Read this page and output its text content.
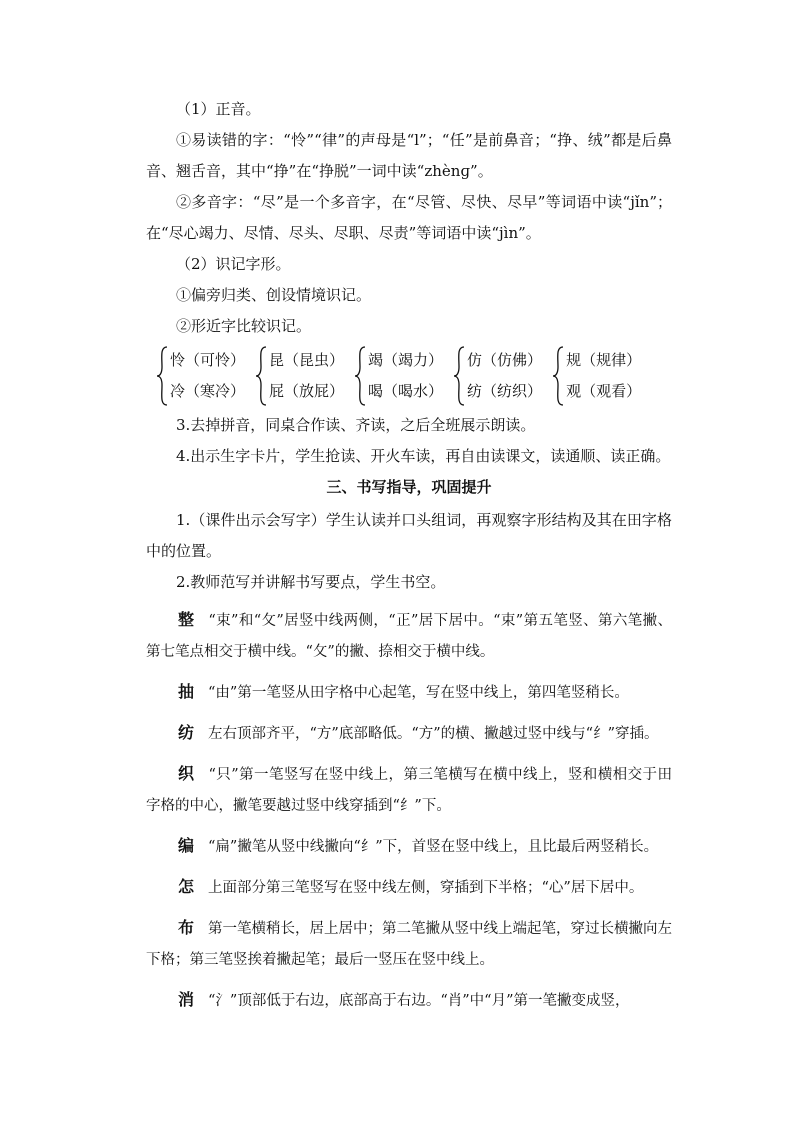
（1）正音。

①易读错的字：“怜”“律”的声母是“l”；“任”是前鼻音；“挣、绒”都是后鼻音、翘舌音，其中“挣”在“挣脱”一词中读“zhènɡ”。

②多音字：“尽”是一个多音字，在“尽管、尽快、尽早”等词语中读“jǐn”；在“尽心竭力、尽情、尽头、尽职、尽责”等词语中读“jìn”。

（2）识记字形。

①偏旁归类、创设情境识记。

②形近字比较识记。

怜（可怜）
冷（寒冷）
昆（昆虫）
屁（放屁）
竭（竭力）
喝（喝水）
仿（仿佛）
纺（纺织）
规（规律）
观（观看）

3.去掉拼音，同桌合作读、齐读，之后全班展示朗读。

4.出示生字卡片，学生抢读、开火车读，再自由读课文，读通顺、读正确。

三、书写指导，巩固提升

1.（课件出示会写字）学生认读并口头组词，再观察字形结构及其在田字格中的位置。

2.教师范写并讲解书写要点，学生书空。

整 “束”和“攵”居竖中线两侧，“正”居下居中。“束”第五笔竖、第六笔撇、第七笔点相交于横中线。“攵”的撇、捺相交于横中线。

抽 “由”第一笔竖从田字格中心起笔，写在竖中线上，第四笔竖稍长。

纺 左右顶部齐平，“方”底部略低。“方”的横、撇越过竖中线与“纟”穿插。

织 “只”第一笔竖写在竖中线上，第三笔横写在横中线上，竖和横相交于田字格的中心，撇笔要越过竖中线穿插到“纟”下。

编 “扁”撇笔从竖中线撇向“纟”下，首竖在竖中线上，且比最后两竖稍长。

怎 上面部分第三笔竖写在竖中线左侧，穿插到下半格；“心”居下居中。

布 第一笔横稍长，居上居中；第二笔撇从竖中线上端起笔，穿过长横撇向左下格；第三笔竖挨着撇起笔；最后一竖压在竖中线上。

消 “氵”顶部低于右边，底部高于右边。“肖”中“月”第一笔撇变成竖，
